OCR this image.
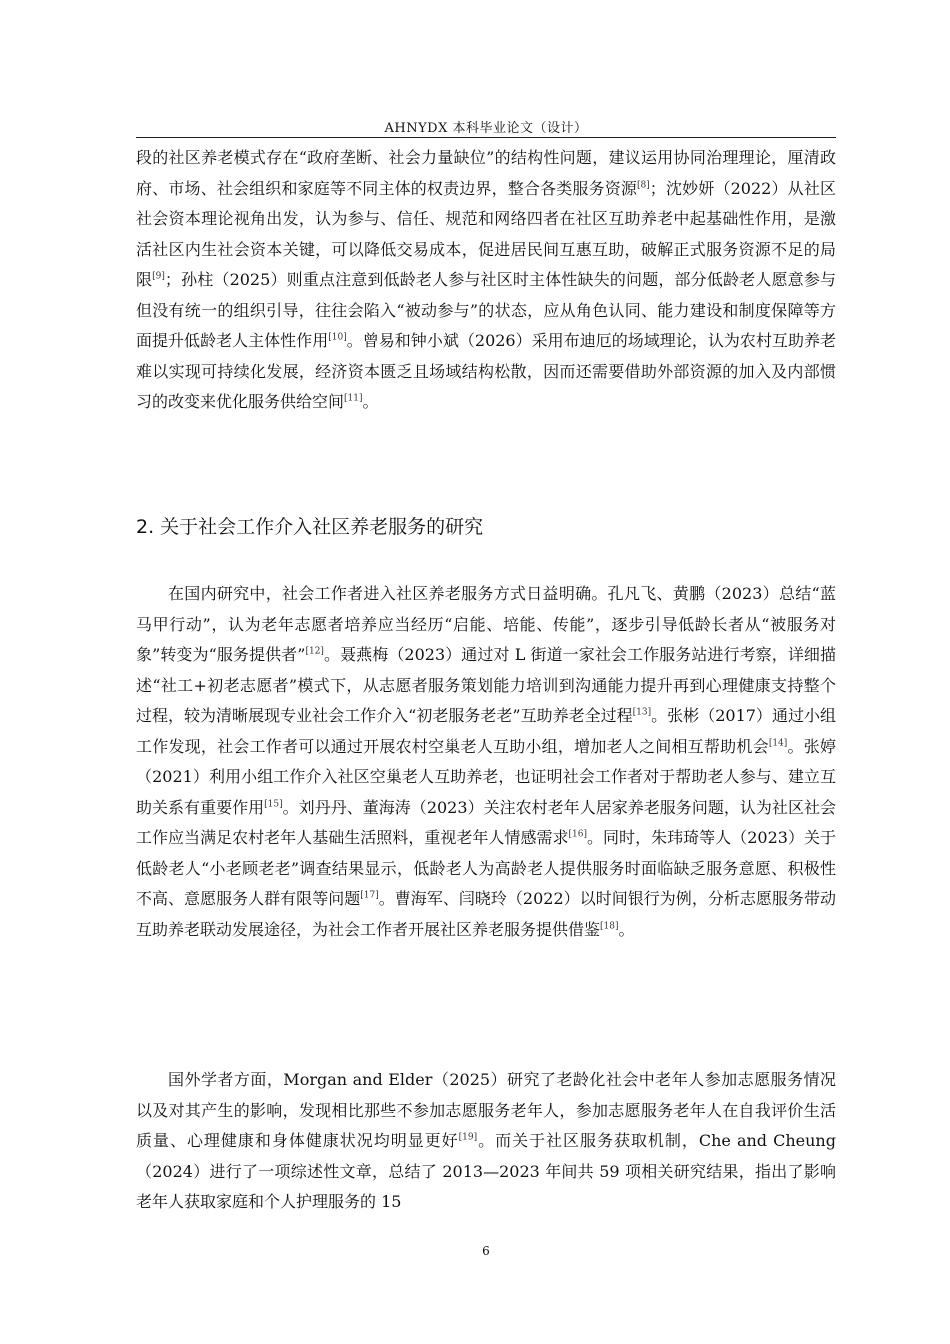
AHNYDX 本科毕业论文（设计）

段的社区养老模式存在“政府垄断、社会力量缺位”的结构性问题，建议运用协同治理理论，厘清政府、市场、社会组织和家庭等不同主体的权责边界，整合各类服务资源[8]；沈妙妍（2022）从社区社会资本理论视角出发，认为参与、信任、规范和网络四者在社区互助养老中起基础性作用，是激活社区内生社会资本关键，可以降低交易成本，促进居民间互惠互助，破解正式服务资源不足的局限[9]；孙柱（2025）则重点注意到低龄老人参与社区时主体性缺失的问题，部分低龄老人愿意参与但没有统一的组织引导，往往会陷入“被动参与”的状态，应从角色认同、能力建设和制度保障等方面提升低龄老人主体性作用[10]。曾易和钟小斌（2026）采用布迪厄的场域理论，认为农村互助养老难以实现可持续化发展，经济资本匮乏且场域结构松散，因而还需要借助外部资源的加入及内部惯习的改变来优化服务供给空间[11]。

2. 关于社会工作介入社区养老服务的研究

在国内研究中，社会工作者进入社区养老服务方式日益明确。孔凡飞、黄鹏（2023）总结“蓝马甲行动”，认为老年志愿者培养应当经历“启能、培能、传能”，逐步引导低龄长者从“被服务对象”转变为“服务提供者”[12]。聂燕梅（2023）通过对 L 街道一家社会工作服务站进行考察，详细描述“社工+初老志愿者”模式下，从志愿者服务策划能力培训到沟通能力提升再到心理健康支持整个过程，较为清晰展现专业社会工作介入“初老服务老老”互助养老全过程[13]。张彬（2017）通过小组工作发现，社会工作者可以通过开展农村空巢老人互助小组，增加老人之间相互帮助机会[14]。张婷（2021）利用小组工作介入社区空巢老人互助养老，也证明社会工作者对于帮助老人参与、建立互助关系有重要作用[15]。刘丹丹、董海涛（2023）关注农村老年人居家养老服务问题，认为社区社会工作应当满足农村老年人基础生活照料，重视老年人情感需求[16]。同时，朱玮琦等人（2023）关于低龄老人“小老顾老老”调查结果显示，低龄老人为高龄老人提供服务时面临缺乏服务意愿、积极性不高、意愿服务人群有限等问题[17]。曹海军、闫晓玲（2022）以时间银行为例，分析志愿服务带动互助养老联动发展途径，为社会工作者开展社区养老服务提供借鉴[18]。

国外学者方面，Morgan and Elder（2025）研究了老龄化社会中老年人参加志愿服务情况以及对其产生的影响，发现相比那些不参加志愿服务老年人，参加志愿服务老年人在自我评价生活质量、心理健康和身体健康状况均明显更好[19]。而关于社区服务获取机制，Che and Cheung（2024）进行了一项综述性文章，总结了 2013—2023 年间共 59 项相关研究结果，指出了影响老年人获取家庭和个人护理服务的 15

6
